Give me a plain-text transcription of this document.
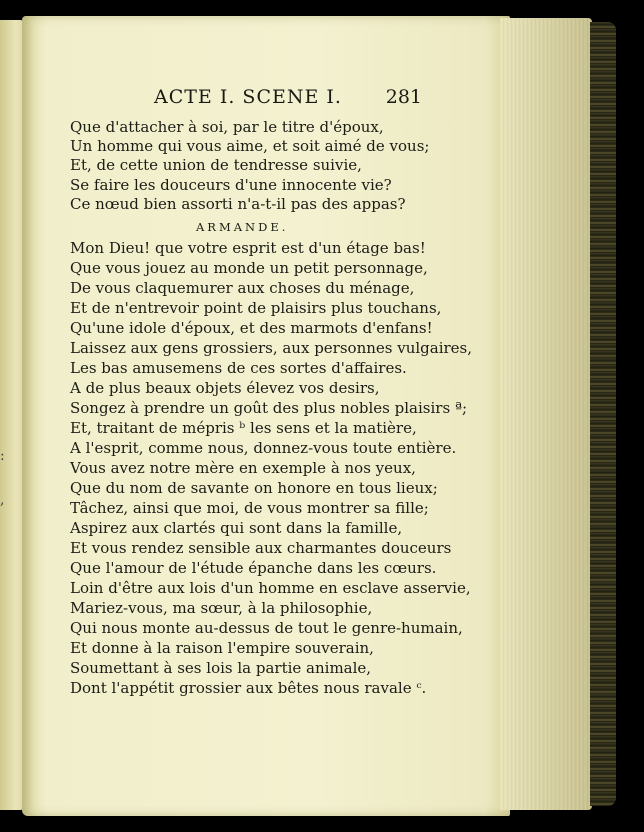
:
,
ACTE I. SCENE I. 281
Que d'attacher à soi, par le titre d'époux,
Un homme qui vous aime, et soit aimé de vous;
Et, de cette union de tendresse suivie,
Se faire les douceurs d'une innocente vie?
Ce nœud bien assorti n'a-t-il pas des appas?
ARMANDE.
Mon Dieu! que votre esprit est d'un étage bas!
Que vous jouez au monde un petit personnage,
De vous claquemurer aux choses du ménage,
Et de n'entrevoir point de plaisirs plus touchans,
Qu'une idole d'époux, et des marmots d'enfans!
Laissez aux gens grossiers, aux personnes vulgaires,
Les bas amusemens de ces sortes d'affaires.
A de plus beaux objets élevez vos desirs,
Songez à prendre un goût des plus nobles plaisirs ª;
Et, traitant de mépris ᵇ les sens et la matière,
A l'esprit, comme nous, donnez-vous toute entière.
Vous avez notre mère en exemple à nos yeux,
Que du nom de savante on honore en tous lieux;
Tâchez, ainsi que moi, de vous montrer sa fille;
Aspirez aux clartés qui sont dans la famille,
Et vous rendez sensible aux charmantes douceurs
Que l'amour de l'étude épanche dans les cœurs.
Loin d'être aux lois d'un homme en esclave asservie,
Mariez-vous, ma sœur, à la philosophie,
Qui nous monte au-dessus de tout le genre-humain,
Et donne à la raison l'empire souverain,
Soumettant à ses lois la partie animale,
Dont l'appétit grossier aux bêtes nous ravale ᶜ.
